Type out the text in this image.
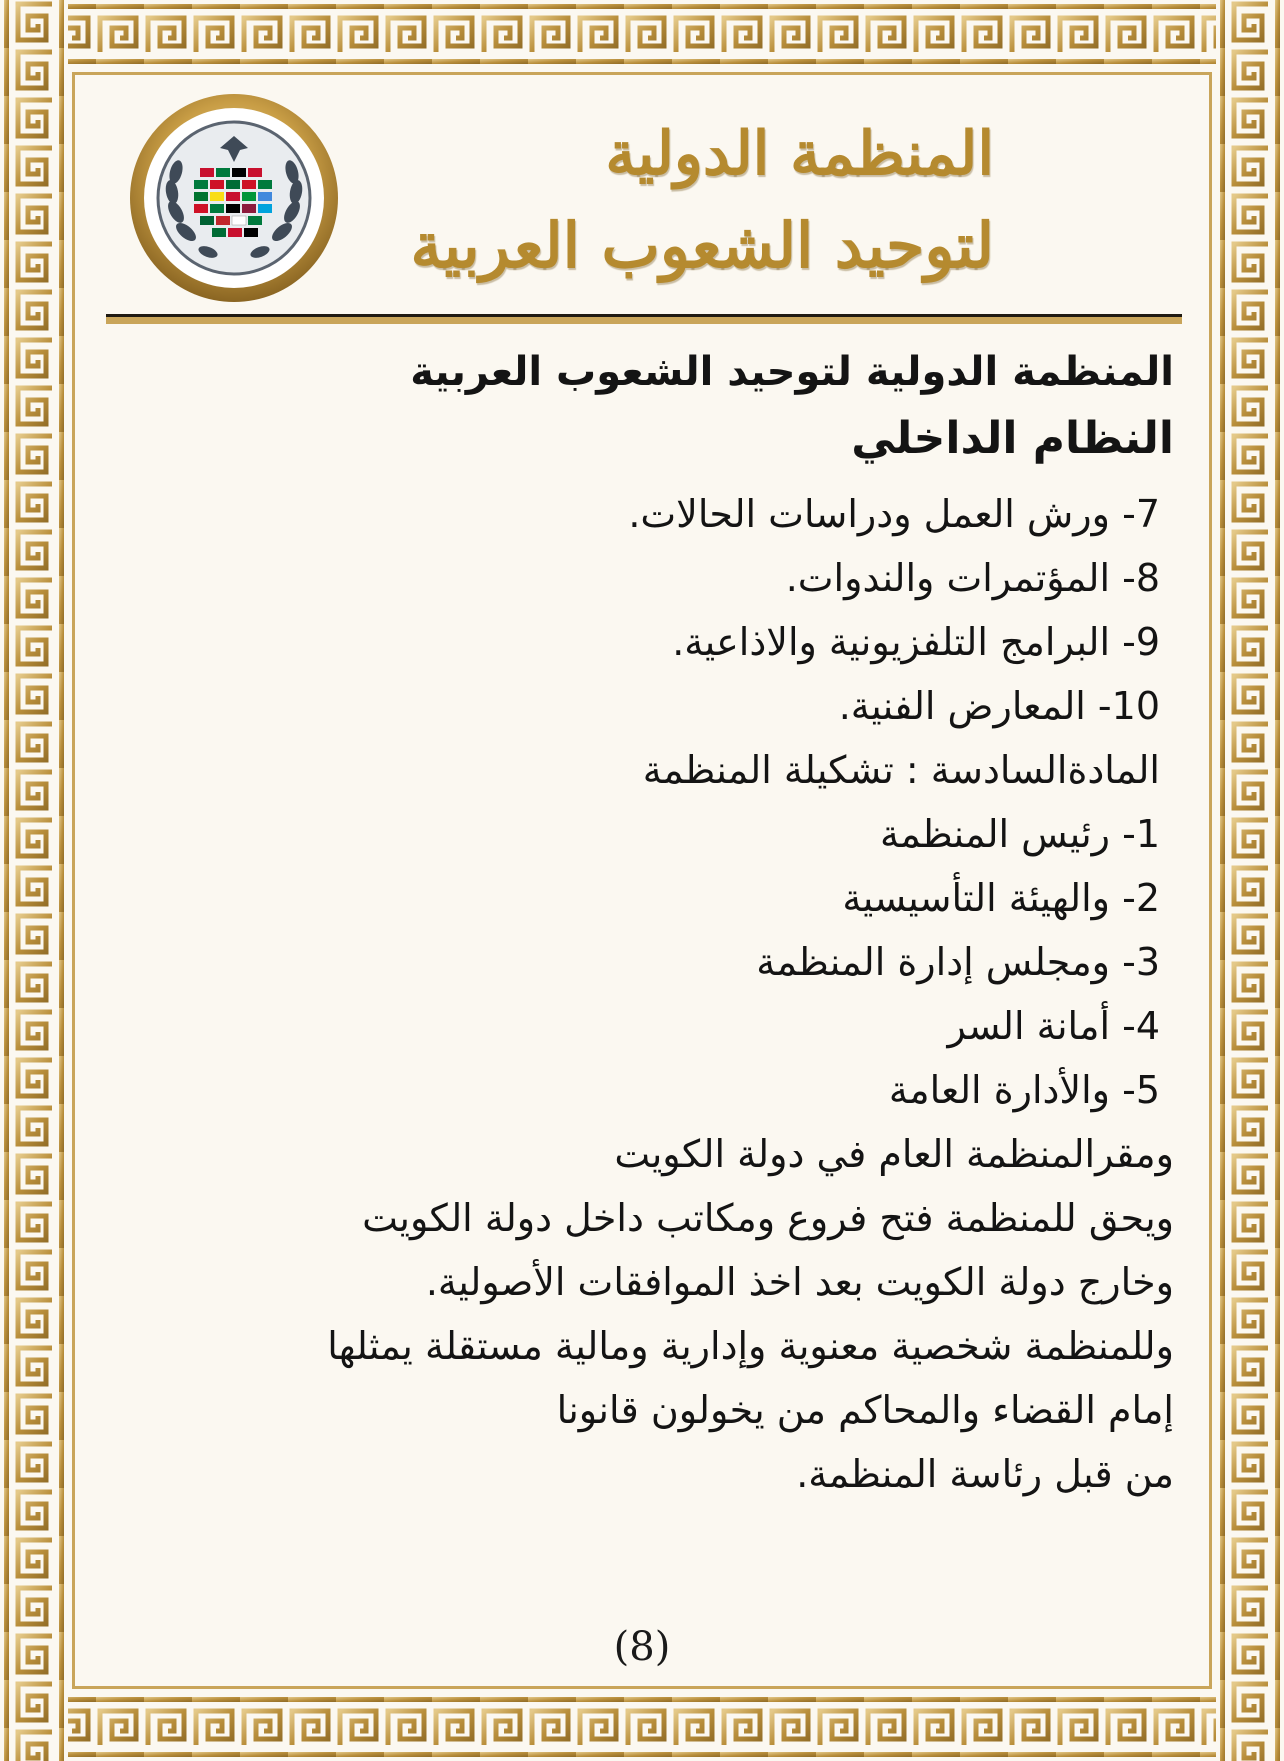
المنظمة الدولية
لتوحيد الشعوب العربية
المنظمة الدولية لتوحيد الشعوب العربية
النظام الداخلي
7- ورش العمل ودراسات الحالات.
8- المؤتمرات والندوات.
9- البرامج التلفزيونية والاذاعية.
10- المعارض الفنية.
المادةالسادسة : تشكيلة المنظمة
1- رئيس المنظمة
2- والهيئة التأسيسية
3- ومجلس إدارة المنظمة
4- أمانة السر
5- والأدارة العامة
ومقرالمنظمة العام في دولة الكويت
ويحق للمنظمة فتح فروع ومكاتب داخل دولة الكويت
وخارج دولة الكويت بعد اخذ الموافقات الأصولية.
وللمنظمة شخصية معنوية وإدارية ومالية مستقلة يمثلها
إمام القضاء والمحاكم من يخولون قانونا
من قبل رئاسة المنظمة.
(8)
